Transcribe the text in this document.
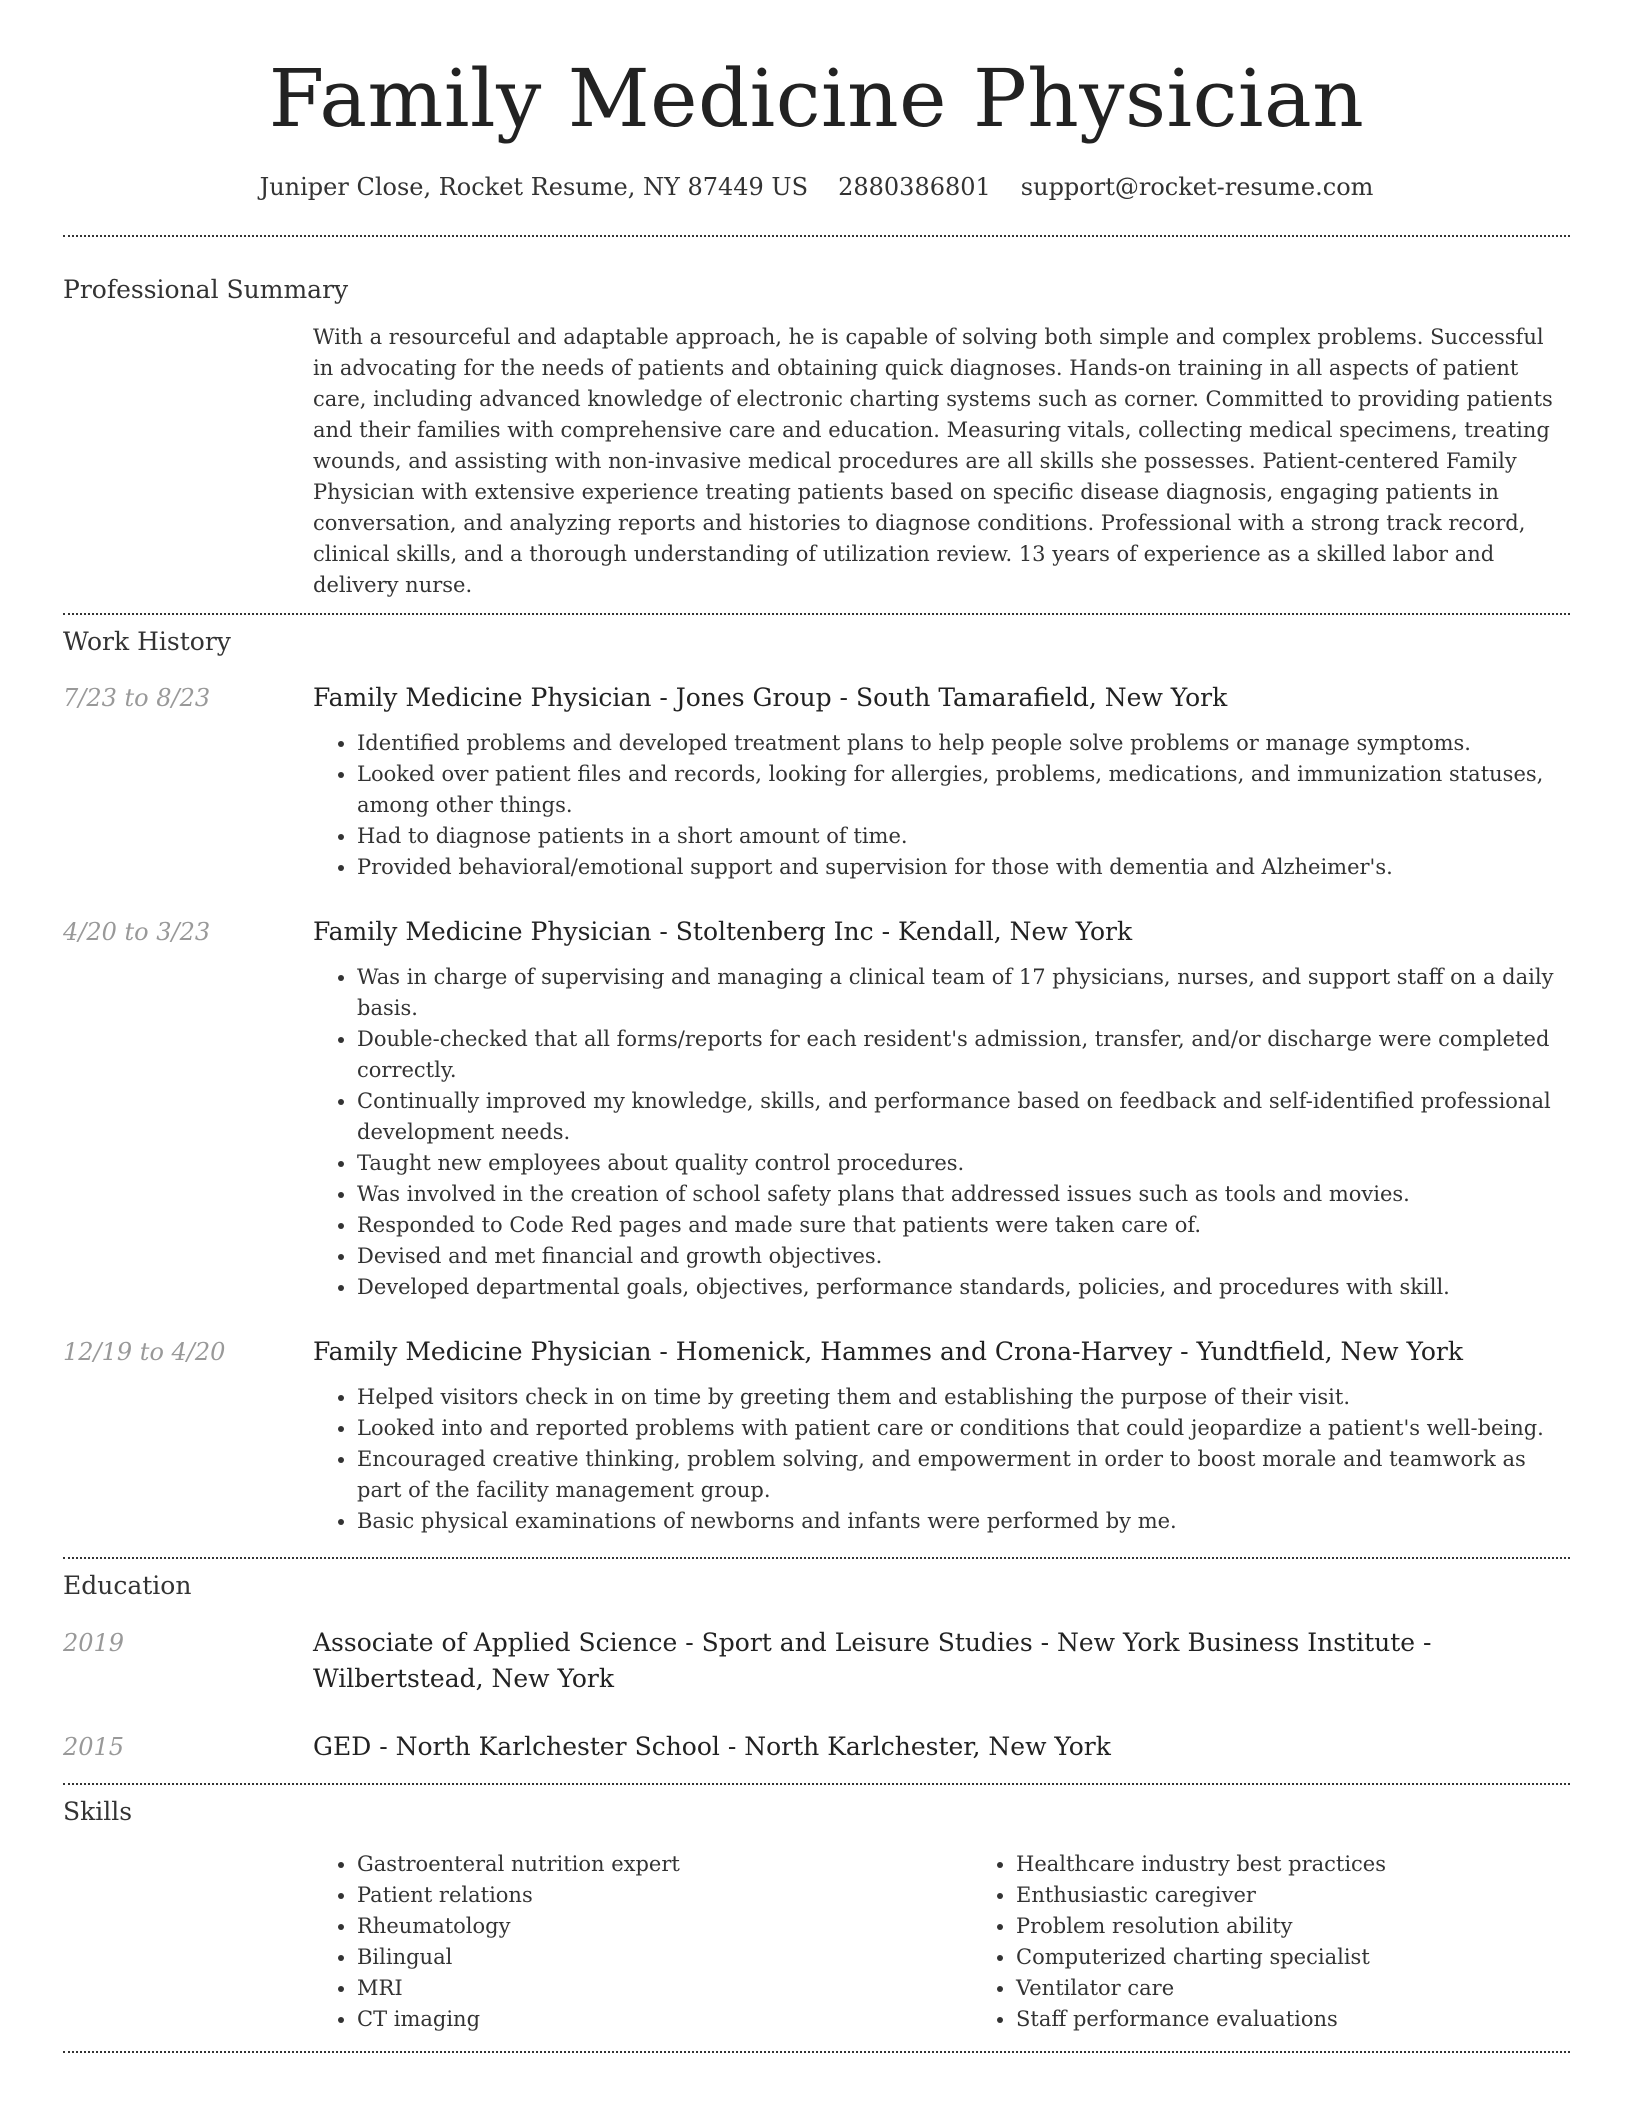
Family Medicine Physician
Juniper Close, Rocket Resume, NY 87449 US 2880386801 support@rocket-resume.com
Professional Summary

With a resourceful and adaptable approach, he is capable of solving both simple and complex problems. Successful in advocating for the needs of patients and obtaining quick diagnoses. Hands-on training in all aspects of patient care, including advanced knowledge of electronic charting systems such as corner. Committed to providing patients and their families with comprehensive care and education. Measuring vitals, collecting medical specimens, treating wounds, and assisting with non-invasive medical procedures are all skills she possesses. Patient-centered Family Physician with extensive experience treating patients based on specific disease diagnosis, engaging patients in conversation, and analyzing reports and histories to diagnose conditions. Professional with a strong track record, clinical skills, and a thorough understanding of utilization review. 13 years of experience as a skilled labor and delivery nurse.

Work History
7/23 to 8/23	Family Medicine Physician - Jones Group - South Tamarafield, New York
• Identified problems and developed treatment plans to help people solve problems or manage symptoms.
• Looked over patient files and records, looking for allergies, problems, medications, and immunization statuses, among other things.
• Had to diagnose patients in a short amount of time.
• Provided behavioral/emotional support and supervision for those with dementia and Alzheimer's.
4/20 to 3/23	Family Medicine Physician - Stoltenberg Inc - Kendall, New York
• Was in charge of supervising and managing a clinical team of 17 physicians, nurses, and support staff on a daily basis.
• Double-checked that all forms/reports for each resident's admission, transfer, and/or discharge were completed correctly.
• Continually improved my knowledge, skills, and performance based on feedback and self-identified professional development needs.
• Taught new employees about quality control procedures.
• Was involved in the creation of school safety plans that addressed issues such as tools and movies.
• Responded to Code Red pages and made sure that patients were taken care of.
• Devised and met financial and growth objectives.
• Developed departmental goals, objectives, performance standards, policies, and procedures with skill.
12/19 to 4/20	Family Medicine Physician - Homenick, Hammes and Crona-Harvey - Yundtfield, New York
• Helped visitors check in on time by greeting them and establishing the purpose of their visit.
• Looked into and reported problems with patient care or conditions that could jeopardize a patient's well-being.
• Encouraged creative thinking, problem solving, and empowerment in order to boost morale and teamwork as part of the facility management group.
• Basic physical examinations of newborns and infants were performed by me.
Education
2019	Associate of Applied Science - Sport and Leisure Studies - New York Business Institute - Wilbertstead, New York
2015	GED - North Karlchester School - North Karlchester, New York
Skills
• Gastroenteral nutrition expert
• Patient relations
• Rheumatology
• Bilingual
• MRI
• CT imaging
• Healthcare industry best practices
• Enthusiastic caregiver
• Problem resolution ability
• Computerized charting specialist
• Ventilator care
• Staff performance evaluations
